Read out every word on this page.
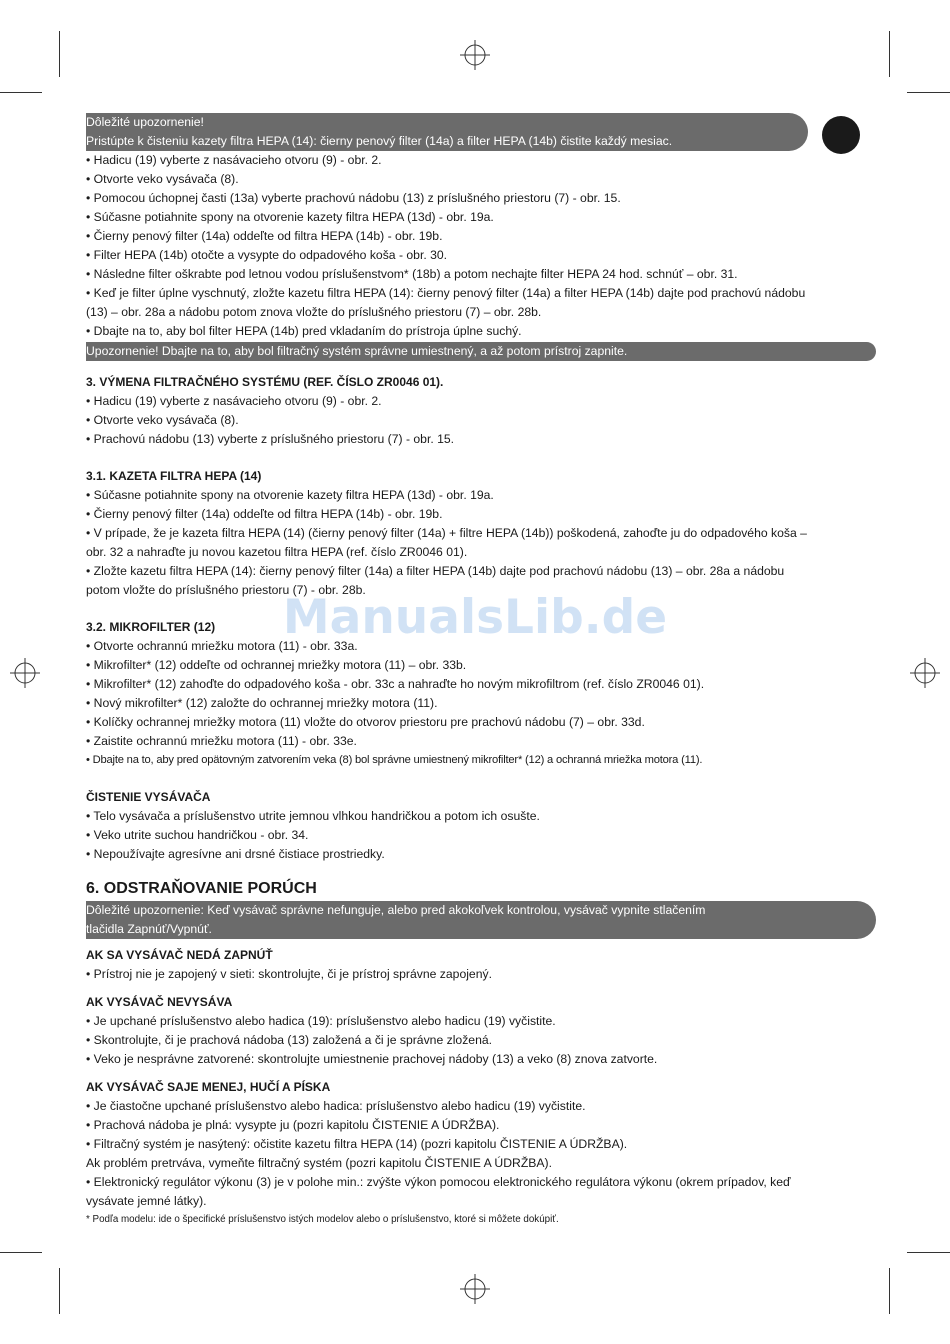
ManualsLib.de
Dôležité upozornenie!
Pristúpte k čisteniu kazety filtra HEPA (14): čierny penový filter (14a) a filter HEPA (14b) čistite každý mesiac.
• Hadicu (19) vyberte z nasávacieho otvoru (9) - obr. 2.
• Otvorte veko vysávača (8).
• Pomocou úchopnej časti (13a) vyberte prachovú nádobu (13) z príslušného priestoru (7) - obr. 15.
• Súčasne potiahnite spony na otvorenie kazety filtra HEPA (13d) - obr. 19a.
• Čierny penový filter (14a) oddeľte od filtra HEPA (14b) - obr. 19b.
• Filter HEPA (14b) otočte a vysypte do odpadového koša - obr. 30.
• Následne filter oškrabte pod letnou vodou príslušenstvom* (18b) a potom nechajte filter HEPA 24 hod. schnúť – obr. 31.
• Keď je filter úplne vyschnutý, zložte kazetu filtra HEPA (14): čierny penový filter (14a) a filter HEPA (14b) dajte pod prachovú nádobu
(13) – obr. 28a a nádobu potom znova vložte do príslušného priestoru (7) – obr. 28b.
• Dbajte na to, aby bol filter HEPA (14b) pred vkladaním do prístroja úplne suchý.
Upozornenie! Dbajte na to, aby bol filtračný systém správne umiestnený, a až potom prístroj zapnite.
3. VÝMENA FILTRAČNÉHO SYSTÉMU (REF. ČÍSLO ZR0046 01).
• Hadicu (19) vyberte z nasávacieho otvoru (9) - obr. 2.
• Otvorte veko vysávača (8).
• Prachovú nádobu (13) vyberte z príslušného priestoru (7) - obr. 15.
3.1. KAZETA FILTRA HEPA (14)
• Súčasne potiahnite spony na otvorenie kazety filtra HEPA (13d) - obr. 19a.
• Čierny penový filter (14a) oddeľte od filtra HEPA (14b) - obr. 19b.
• V prípade, že je kazeta filtra HEPA (14) (čierny penový filter (14a) + filtre HEPA (14b)) poškodená, zahoďte ju do odpadového koša –
obr. 32 a nahraďte ju novou kazetou filtra HEPA (ref. číslo ZR0046 01).
• Zložte kazetu filtra HEPA (14): čierny penový filter (14a) a filter HEPA (14b) dajte pod prachovú nádobu (13) – obr. 28a a nádobu
potom vložte do príslušného priestoru (7) - obr. 28b.
3.2. MIKROFILTER (12)
• Otvorte ochrannú mriežku motora (11) - obr. 33a.
• Mikrofilter* (12) oddeľte od ochrannej mriežky motora (11) – obr. 33b.
• Mikrofilter* (12) zahoďte do odpadového koša - obr. 33c a nahraďte ho novým mikrofiltrom (ref. číslo ZR0046 01).
• Nový mikrofilter* (12) založte do ochrannej mriežky motora (11).
• Kolíčky ochrannej mriežky motora (11) vložte do otvorov priestoru pre prachovú nádobu (7) – obr. 33d.
• Zaistite ochrannú mriežku motora (11) - obr. 33e.
• Dbajte na to, aby pred opätovným zatvorením veka (8) bol správne umiestnený mikrofilter* (12) a ochranná mriežka motora (11).
ČISTENIE VYSÁVAČA
• Telo vysávača a príslušenstvo utrite jemnou vlhkou handričkou a potom ich osušte.
• Veko utrite suchou handričkou - obr. 34.
• Nepoužívajte agresívne ani drsné čistiace prostriedky.
6. ODSTRAŇOVANIE PORÚCH
Dôležité upozornenie: Keď vysávač správne nefunguje, alebo pred akokoľvek kontrolou, vysávač vypnite stlačením
tlačidla Zapnúť/Vypnúť.
AK SA VYSÁVAČ NEDÁ ZAPNÚŤ
• Prístroj nie je zapojený v sieti: skontrolujte, či je prístroj správne zapojený.
AK VYSÁVAČ NEVYSÁVA
• Je upchané príslušenstvo alebo hadica (19): príslušenstvo alebo hadicu (19) vyčistite.
• Skontrolujte, či je prachová nádoba (13) založená a či je správne zložená.
• Veko je nesprávne zatvorené: skontrolujte umiestnenie prachovej nádoby (13) a veko (8) znova zatvorte.
AK VYSÁVAČ SAJE MENEJ, HUČÍ A PÍSKA
• Je čiastočne upchané príslušenstvo alebo hadica: príslušenstvo alebo hadicu (19) vyčistite.
• Prachová nádoba je plná: vysypte ju (pozri kapitolu ČISTENIE A ÚDRŽBA).
• Filtračný systém je nasýtený: očistite kazetu filtra HEPA (14) (pozri kapitolu ČISTENIE A ÚDRŽBA).
Ak problém pretrváva, vymeňte filtračný systém (pozri kapitolu ČISTENIE A ÚDRŽBA).
• Elektronický regulátor výkonu (3) je v polohe min.: zvýšte výkon pomocou elektronického regulátora výkonu (okrem prípadov, keď
vysávate jemné látky).
* Podľa modelu: ide o špecifické príslušenstvo istých modelov alebo o príslušenstvo, ktoré si môžete dokúpiť.
